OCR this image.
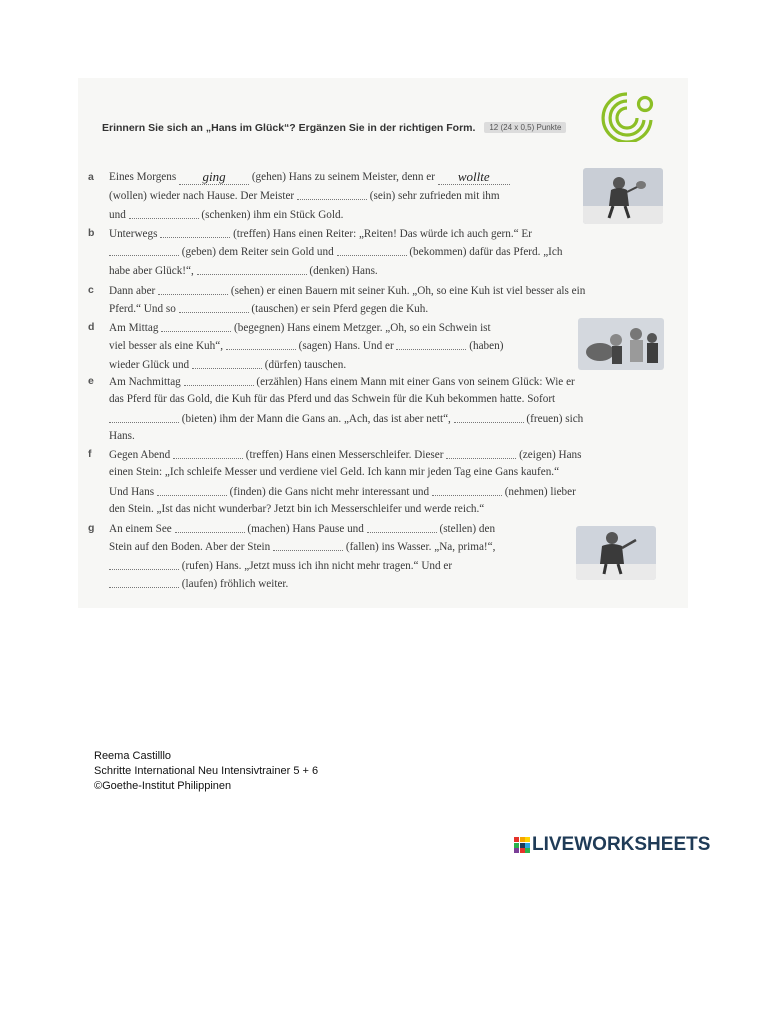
Erinnern Sie sich an „Hans im Glück“? Ergänzen Sie in der richtigen Form. 12 (24 x 0,5) Punkte
a	Eines Morgens ging (gehen) Hans zu seinem Meister, denn er wollte
(wollen) wieder nach Hause. Der Meister	(sein) sehr zufrieden mit ihm
und	(schenken) ihm ein Stück Gold.
b	Unterwegs	(treffen) Hans einen Reiter: „Reiten! Das würde ich auch gern.“ Er
(geben) dem Reiter sein Gold und	(bekommen) dafür das Pferd. „Ich
habe aber Glück!“,	(denken) Hans.
c	Dann aber	(sehen) er einen Bauern mit seiner Kuh. „Oh, so eine Kuh ist viel besser als ein
Pferd.“ Und so	(tauschen) er sein Pferd gegen die Kuh.
d	Am Mittag	(begegnen) Hans einem Metzger. „Oh, so ein Schwein ist
viel besser als eine Kuh“,	(sagen) Hans. Und er	(haben)
wieder Glück und	(dürfen) tauschen.
e	Am Nachmittag	(erzählen) Hans einem Mann mit einer Gans von seinem Glück: Wie er
das Pferd für das Gold, die Kuh für das Pferd und das Schwein für die Kuh bekommen hatte. Sofort
(bieten) ihm der Mann die Gans an. „Ach, das ist aber nett“,	(freuen) sich
Hans.
f	Gegen Abend	(treffen) Hans einen Messerschleifer. Dieser	(zeigen) Hans
einen Stein: „Ich schleife Messer und verdiene viel Geld. Ich kann mir jeden Tag eine Gans kaufen.“
Und Hans	(finden) die Gans nicht mehr interessant und	(nehmen) lieber
den Stein. „Ist das nicht wunderbar? Jetzt bin ich Messerschleifer und werde reich.“
g	An einem See	(machen) Hans Pause und	(stellen) den
Stein auf den Boden. Aber der Stein	(fallen) ins Wasser. „Na, prima!“,
(rufen) Hans. „Jetzt muss ich ihn nicht mehr tragen.“ Und er
(laufen) fröhlich weiter.
Reema Castilllo
Schritte International Neu Intensivtrainer 5 + 6
©Goethe-Institut Philippinen
LIVEWORKSHEETS
